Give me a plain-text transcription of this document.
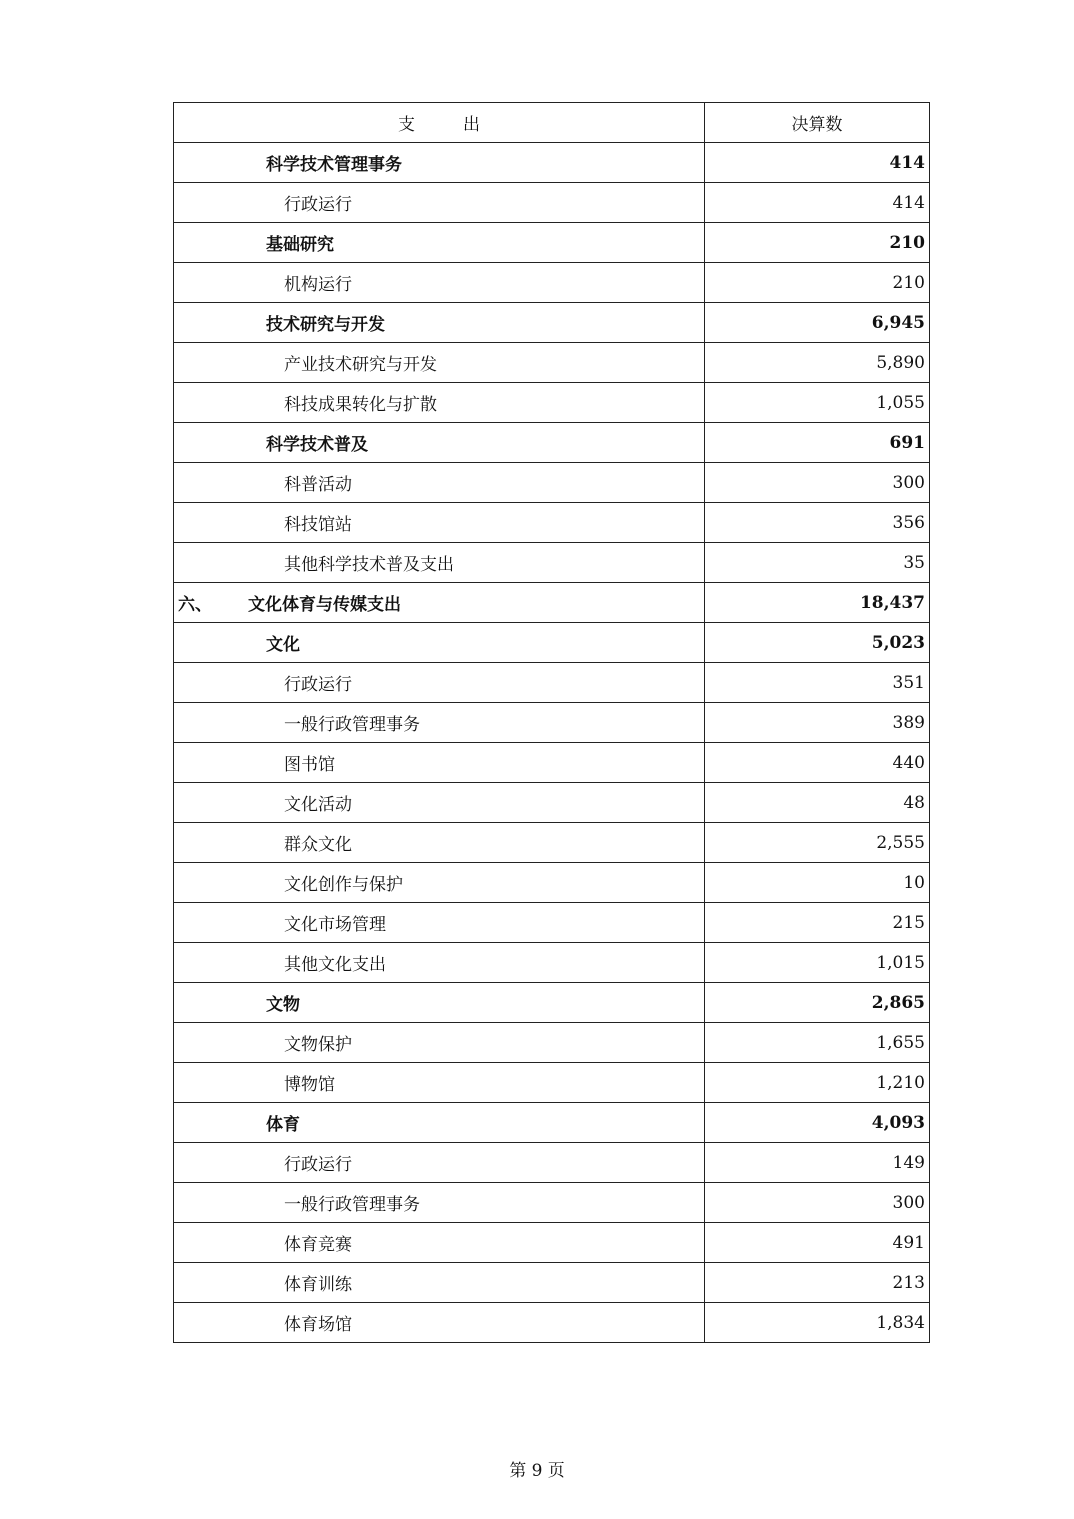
支出	决算数
科学技术管理事务	414
行政运行	414
基础研究	210
机构运行	210
技术研究与开发	6,945
产业技术研究与开发	5,890
科技成果转化与扩散	1,055
科学技术普及	691
科普活动	300
科技馆站	356
其他科学技术普及支出	35
六、 文化体育与传媒支出	18,437
文化	5,023
行政运行	351
一般行政管理事务	389
图书馆	440
文化活动	48
群众文化	2,555
文化创作与保护	10
文化市场管理	215
其他文化支出	1,015
文物	2,865
文物保护	1,655
博物馆	1,210
体育	4,093
行政运行	149
一般行政管理事务	300
体育竞赛	491
体育训练	213
体育场馆	1,834
第 9 页
